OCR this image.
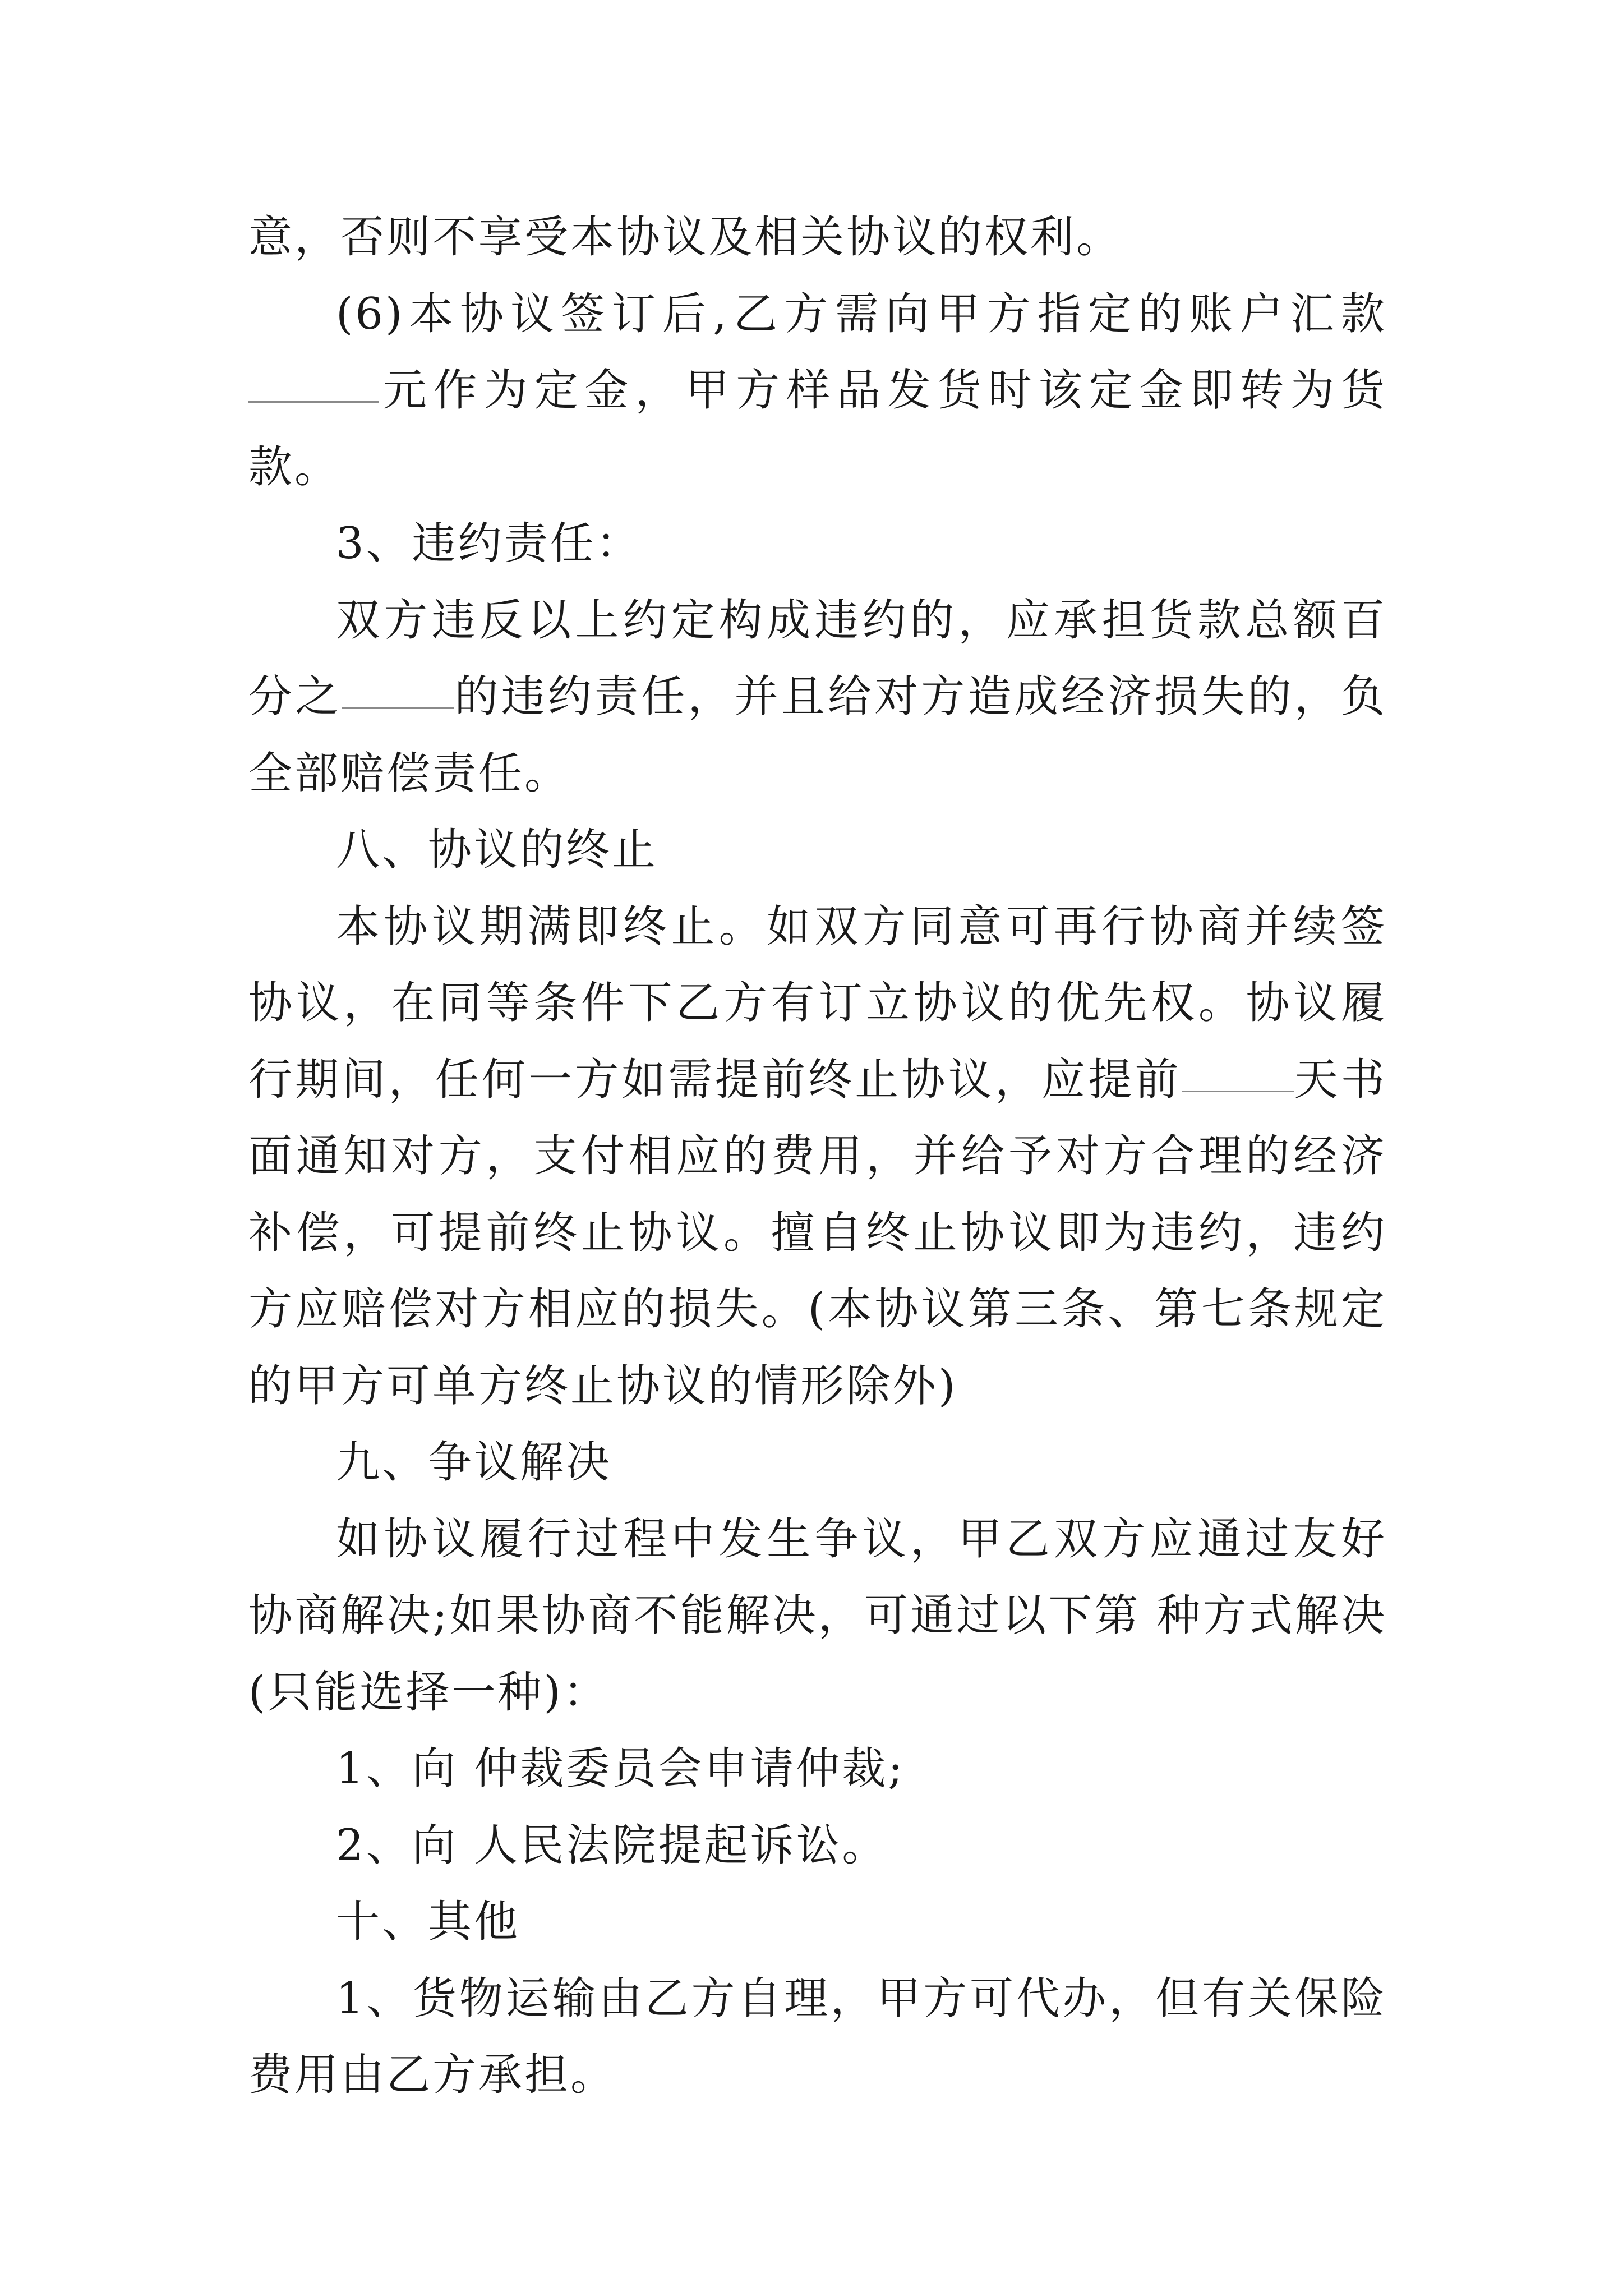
意，否则不享受本协议及相关协议的权利。

(6)本协议签订后,乙方需向甲方指定的账户汇款元作为定金，甲方样品发货时该定金即转为货款。

3、违约责任：

双方违反以上约定构成违约的，应承担货款总额百分之	的违约责任，并且给对方造成经济损失的，负全部赔偿责任。

八、协议的终止

本协议期满即终止。如双方同意可再行协商并续签协议，在同等条件下乙方有订立协议的优先权。协议履行期间，任何一方如需提前终止协议，应提前	天书面通知对方，支付相应的费用，并给予对方合理的经济补偿，可提前终止协议。擅自终止协议即为违约，违约方应赔偿对方相应的损失。(本协议第三条、第七条规定的甲方可单方终止协议的情形除外)

九、争议解决

如协议履行过程中发生争议，甲乙双方应通过友好协商解决;如果协商不能解决，可通过以下第 种方式解决(只能选择一种)：

1、向 仲裁委员会申请仲裁;

2、向 人民法院提起诉讼。

十、其他

1、货物运输由乙方自理，甲方可代办，但有关保险费用由乙方承担。
